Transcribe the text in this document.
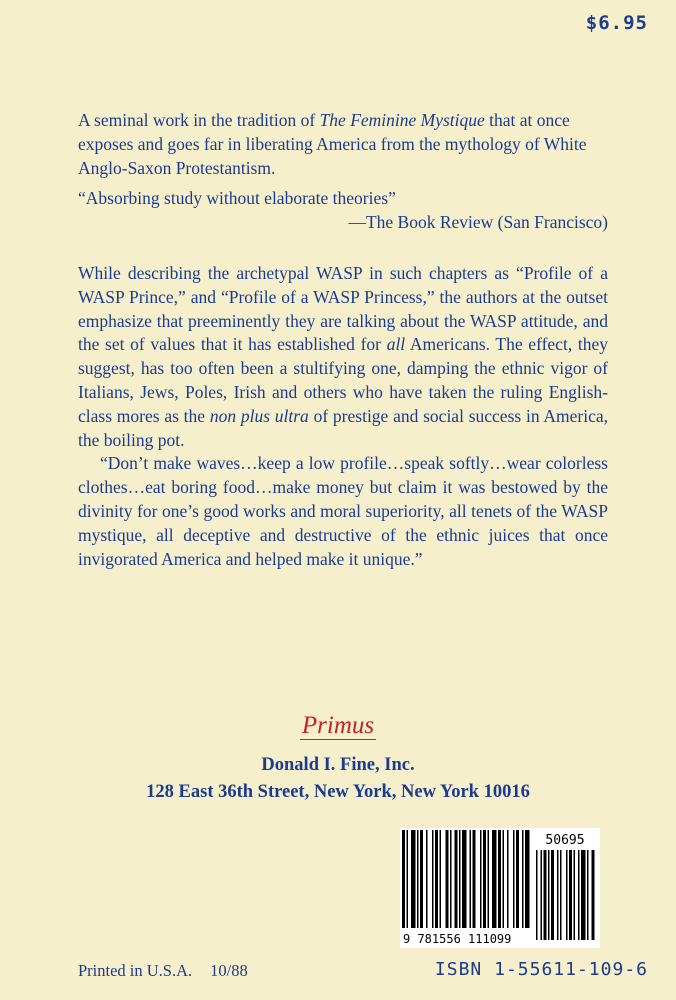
$6.95

A seminal work in the tradition of The Feminine Mystique that at once exposes and goes far in liberating America from the mythology of White Anglo-Saxon Protestantism.

“Absorbing study without elaborate theories”
—The Book Review (San Francisco)

While describing the archetypal WASP in such chapters as “Profile of a WASP Prince,” and “Profile of a WASP Princess,” the authors at the outset emphasize that preeminently they are talking about the WASP attitude, and the set of values that it has established for all Americans. The effect, they suggest, has too often been a stultifying one, damping the ethnic vigor of Italians, Jews, Poles, Irish and others who have taken the ruling English-class mores as the non plus ultra of prestige and social success in America, the boiling pot.

“Don’t make waves…keep a low profile…speak softly…wear colorless clothes…eat boring food…make money but claim it was bestowed by the divinity for one’s good works and moral superiority, all tenets of the WASP mystique, all deceptive and destructive of the ethnic juices that once invigorated America and helped make it unique.”

Primus
Donald I. Fine, Inc.
128 East 36th Street, New York, New York 10016
50695
9 781556 111099
Printed in U.S.A. 10/88	ISBN 1-55611-109-6
